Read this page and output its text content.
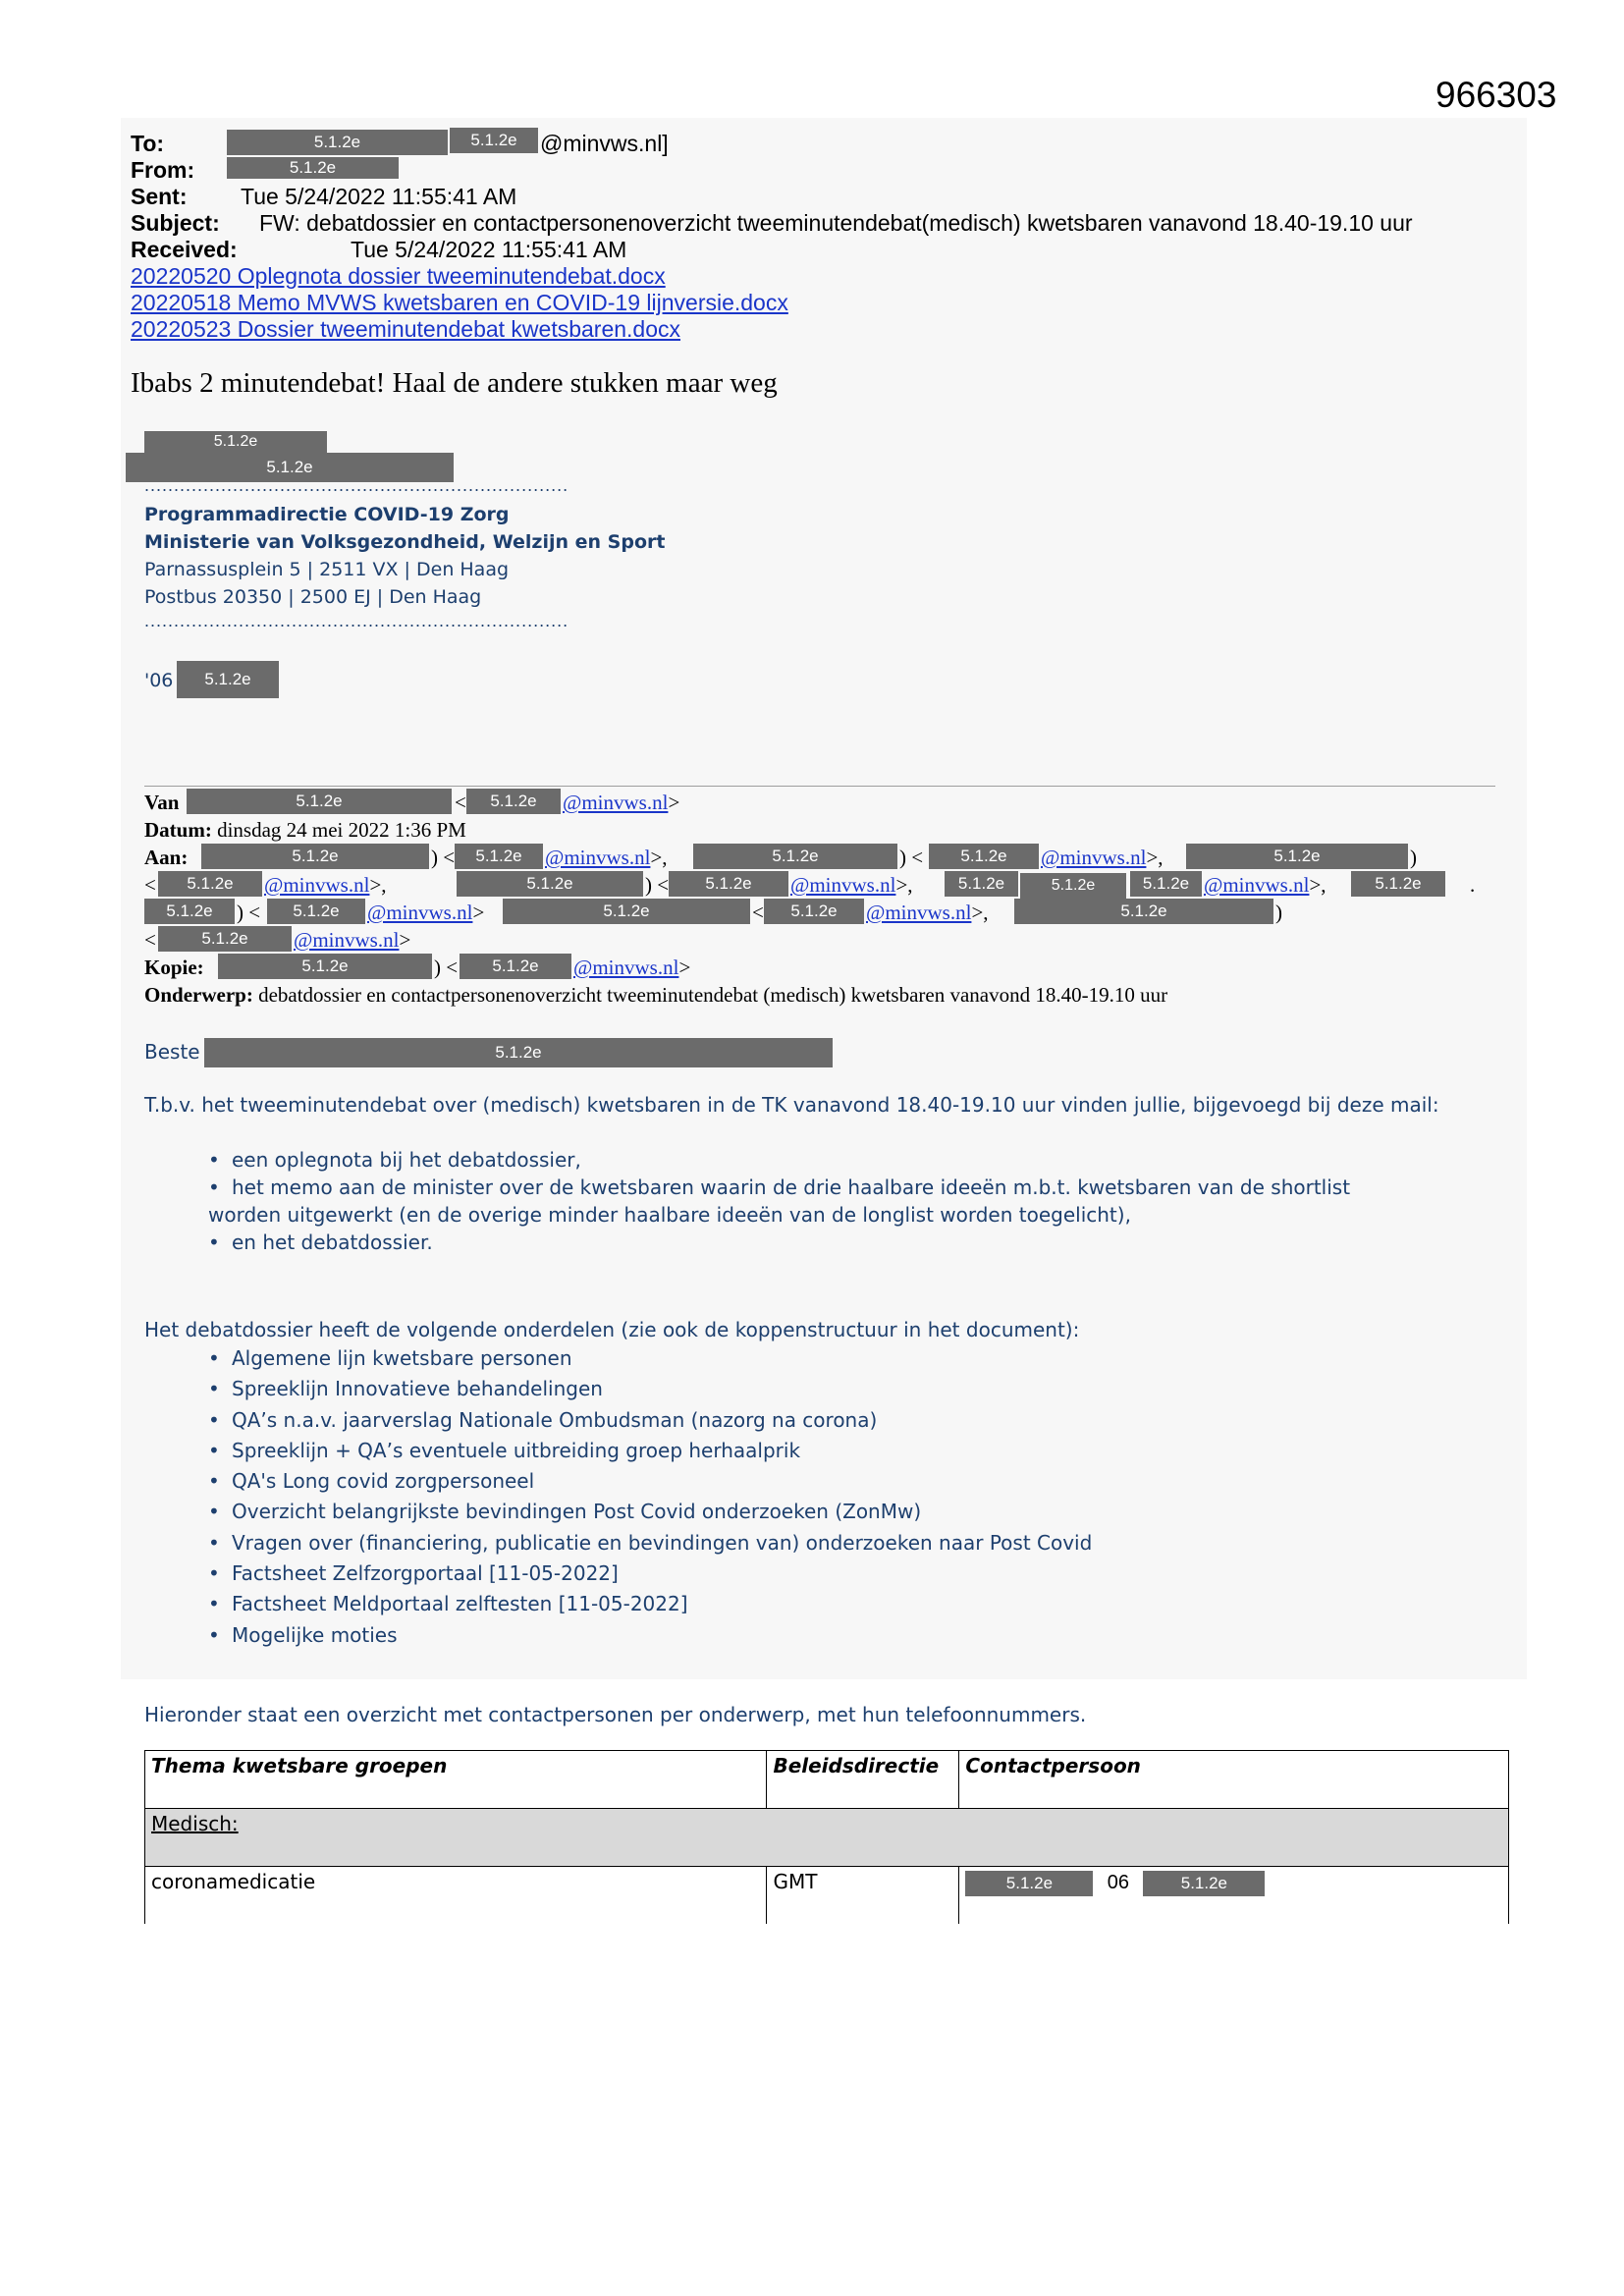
966303
To:	5.1.2e	5.1.2e	@minvws.nl]
From:	5.1.2e
Sent: Tue 5/24/2022 11:55:41 AM
Subject: FW: debatdossier en contactpersonenoverzicht tweeminutendebat(medisch) kwetsbaren vanavond 18.40-19.10 uur
Received:	Tue 5/24/2022 11:55:41 AM
20220520 Oplegnota dossier tweeminutendebat.docx
20220518 Memo MVWS kwetsbaren en COVID-19 lijnversie.docx
20220523 Dossier tweeminutendebat kwetsbaren.docx
Ibabs 2 minutendebat! Haal de andere stukken maar weg
5.1.2e
5.1.2e
........................................................................
Programmadirectie COVID-19 Zorg
Ministerie van Volksgezondheid, Welzijn en Sport
Parnassusplein 5 | 2511 VX | Den Haag
Postbus 20350 | 2500 EJ | Den Haag
........................................................................
'06	5.1.2e
Van	5.1.2e	<	5.1.2e	@minvws.nl>
Datum: dinsdag 24 mei 2022 1:36 PM
Aan:	5.1.2e	) <	5.1.2e	@minvws.nl>,	5.1.2e	) <	5.1.2e	@minvws.nl>,	5.1.2e	)
<	5.1.2e	@minvws.nl>,	5.1.2e	) <	5.1.2e	@minvws.nl>,	5.1.2e	5.1.2e	5.1.2e @minvws.nl>,	5.1.2e	.
5.1.2e	) <	5.1.2e	@minvws.nl>	5.1.2e	<	5.1.2e	@minvws.nl>,	5.1.2e	)
<	5.1.2e	@minvws.nl>
Kopie:	5.1.2e	) <	5.1.2e	@minvws.nl>
Onderwerp: debatdossier en contactpersonenoverzicht tweeminutendebat (medisch) kwetsbaren vanavond 18.40-19.10 uur
Beste	5.1.2e
T.b.v. het tweeminutendebat over (medisch) kwetsbaren in de TK vanavond 18.40-19.10 uur vinden jullie, bijgevoegd bij deze mail:
• een oplegnota bij het debatdossier,
• het memo aan de minister over de kwetsbaren waarin de drie haalbare ideeën m.b.t. kwetsbaren van de shortlist
worden uitgewerkt (en de overige minder haalbare ideeën van de longlist worden toegelicht),
• en het debatdossier.
Het debatdossier heeft de volgende onderdelen (zie ook de koppenstructuur in het document):
• Algemene lijn kwetsbare personen
• Spreeklijn Innovatieve behandelingen
• QA’s n.a.v. jaarverslag Nationale Ombudsman (nazorg na corona)
• Spreeklijn + QA’s eventuele uitbreiding groep herhaalprik
• QA's Long covid zorgpersoneel
• Overzicht belangrijkste bevindingen Post Covid onderzoeken (ZonMw)
• Vragen over (financiering, publicatie en bevindingen van) onderzoeken naar Post Covid
• Factsheet Zelfzorgportaal [11-05-2022]
• Factsheet Meldportaal zelftesten [11-05-2022]
• Mogelijke moties
Hieronder staat een overzicht met contactpersonen per onderwerp, met hun telefoonnummers.
Thema kwetsbare groepen	Beleidsdirectie	Contactpersoon
Medisch:		
coronamedicatie	GMT	5.1.2e 06 5.1.2e
